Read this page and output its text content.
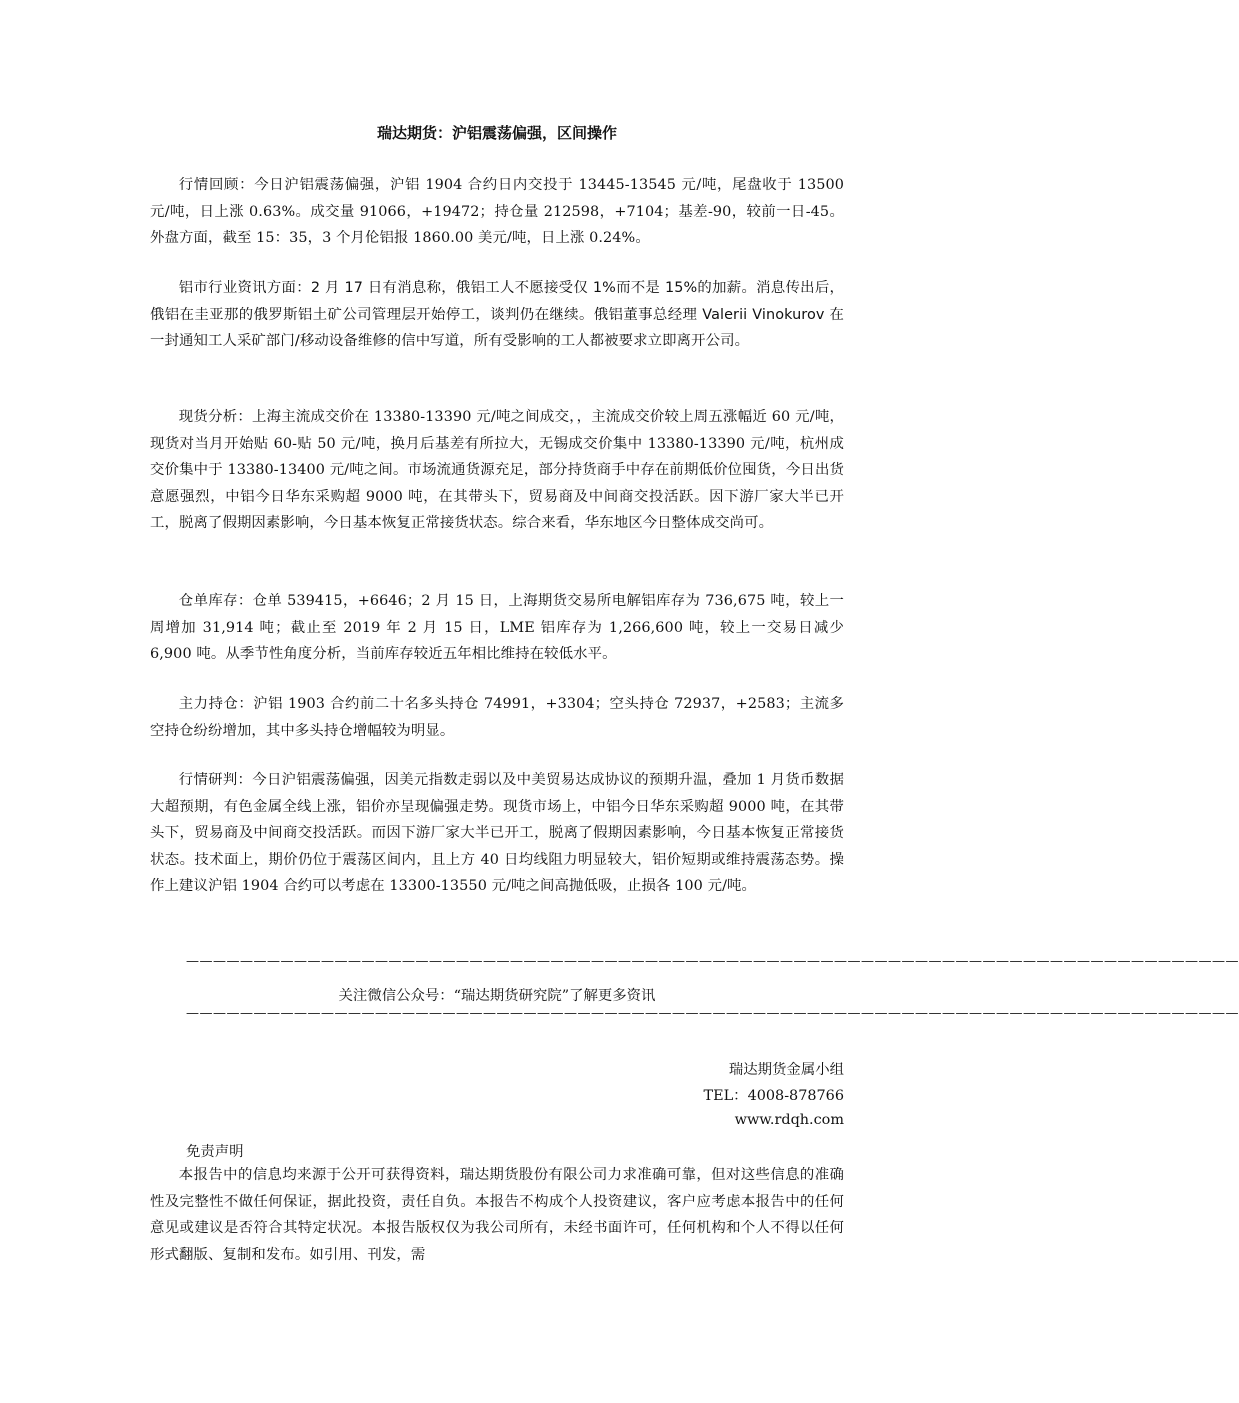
瑞达期货：沪铝震荡偏强，区间操作

行情回顾：今日沪铝震荡偏强，沪铝 1904 合约日内交投于 13445-13545 元/吨，尾盘收于 13500 元/吨，日上涨 0.63%。成交量 91066，+19472；持仓量 212598，+7104；基差-90，较前一日-45。外盘方面，截至 15：35，3 个月伦铝报 1860.00 美元/吨，日上涨 0.24%。

铝市行业资讯方面：2 月 17 日有消息称，俄铝工人不愿接受仅 1%而不是 15%的加薪。消息传出后，俄铝在圭亚那的俄罗斯铝土矿公司管理层开始停工，谈判仍在继续。俄铝董事总经理 Valerii Vinokurov 在一封通知工人采矿部门/移动设备维修的信中写道，所有受影响的工人都被要求立即离开公司。

现货分析：上海主流成交价在 13380-13390 元/吨之间成交，，主流成交价较上周五涨幅近 60 元/吨，现货对当月开始贴 60-贴 50 元/吨，换月后基差有所拉大，无锡成交价集中 13380-13390 元/吨，杭州成交价集中于 13380-13400 元/吨之间。市场流通货源充足，部分持货商手中存在前期低价位囤货，今日出货意愿强烈，中铝今日华东采购超 9000 吨，在其带头下，贸易商及中间商交投活跃。因下游厂家大半已开工，脱离了假期因素影响，今日基本恢复正常接货状态。综合来看，华东地区今日整体成交尚可。

仓单库存：仓单 539415，+6646；2 月 15 日，上海期货交易所电解铝库存为 736,675 吨，较上一周增加 31,914 吨；截止至 2019 年 2 月 15 日，LME 铝库存为 1,266,600 吨，较上一交易日减少 6,900 吨。从季节性角度分析，当前库存较近五年相比维持在较低水平。

主力持仓：沪铝 1903 合约前二十名多头持仓 74991，+3304；空头持仓 72937，+2583；主流多空持仓纷纷增加，其中多头持仓增幅较为明显。

行情研判：今日沪铝震荡偏强，因美元指数走弱以及中美贸易达成协议的预期升温，叠加 1 月货币数据大超预期，有色金属全线上涨，铝价亦呈现偏强走势。现货市场上，中铝今日华东采购超 9000 吨，在其带头下，贸易商及中间商交投活跃。而因下游厂家大半已开工，脱离了假期因素影响，今日基本恢复正常接货状态。技术面上，期价仍位于震荡区间内，且上方 40 日均线阻力明显较大，铝价短期或维持震荡态势。操作上建议沪铝 1904 合约可以考虑在 13300-13550 元/吨之间高抛低吸，止损各 100 元/吨。

——————————————————————————————————————————————————————————————————————————————
关注微信公众号：“瑞达期货研究院”了解更多资讯
——————————————————————————————————————————————————————————————————————————————
瑞达期货金属小组
TEL：4008-878766
www.rdqh.com
免责声明

本报告中的信息均来源于公开可获得资料，瑞达期货股份有限公司力求准确可靠，但对这些信息的准确性及完整性不做任何保证，据此投资，责任自负。本报告不构成个人投资建议，客户应考虑本报告中的任何意见或建议是否符合其特定状况。本报告版权仅为我公司所有，未经书面许可，任何机构和个人不得以任何形式翻版、复制和发布。如引用、刊发，需
